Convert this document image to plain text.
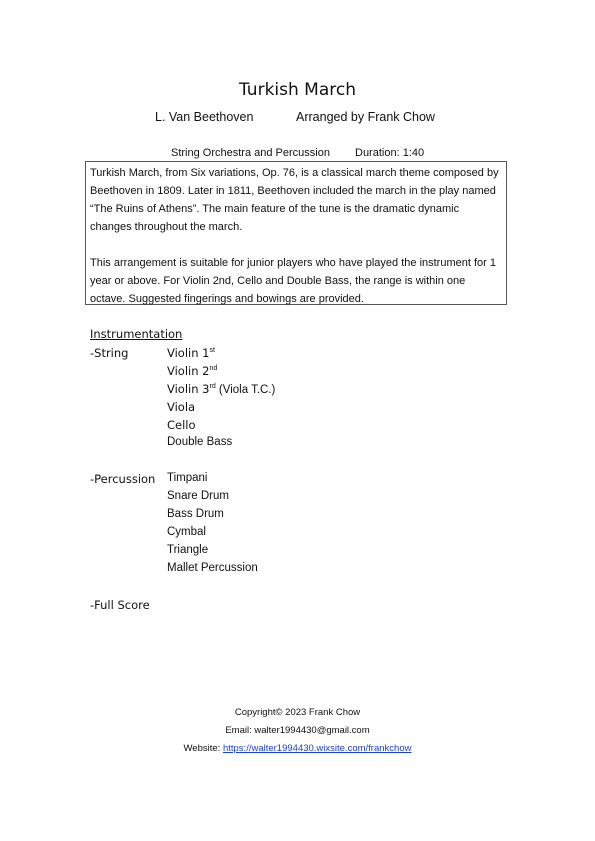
Turkish March
L. Van Beethoven	Arranged by Frank Chow
String Orchestra and Percussion Duration: 1:40

Turkish March, from Six variations, Op. 76, is a classical march theme composed by Beethoven in 1809. Later in 1811, Beethoven included the march in the play named “The Ruins of Athens”. The main feature of the tune is the dramatic dynamic changes throughout the march.

This arrangement is suitable for junior players who have played the instrument for 1 year or above. For Violin 2nd, Cello and Double Bass, the range is within one octave. Suggested fingerings and bowings are provided.

Instrumentation
-String	Violin 1st
Violin 2nd
Violin 3rd (Viola T.C.)
Viola
Cello
Double Bass
-Percussion Timpani
Snare Drum
Bass Drum
Cymbal
Triangle
Mallet Percussion
-Full Score
Copyright© 2023 Frank Chow
Email: walter1994430@gmail.com
Website: https://walter1994430.wixsite.com/frankchow
